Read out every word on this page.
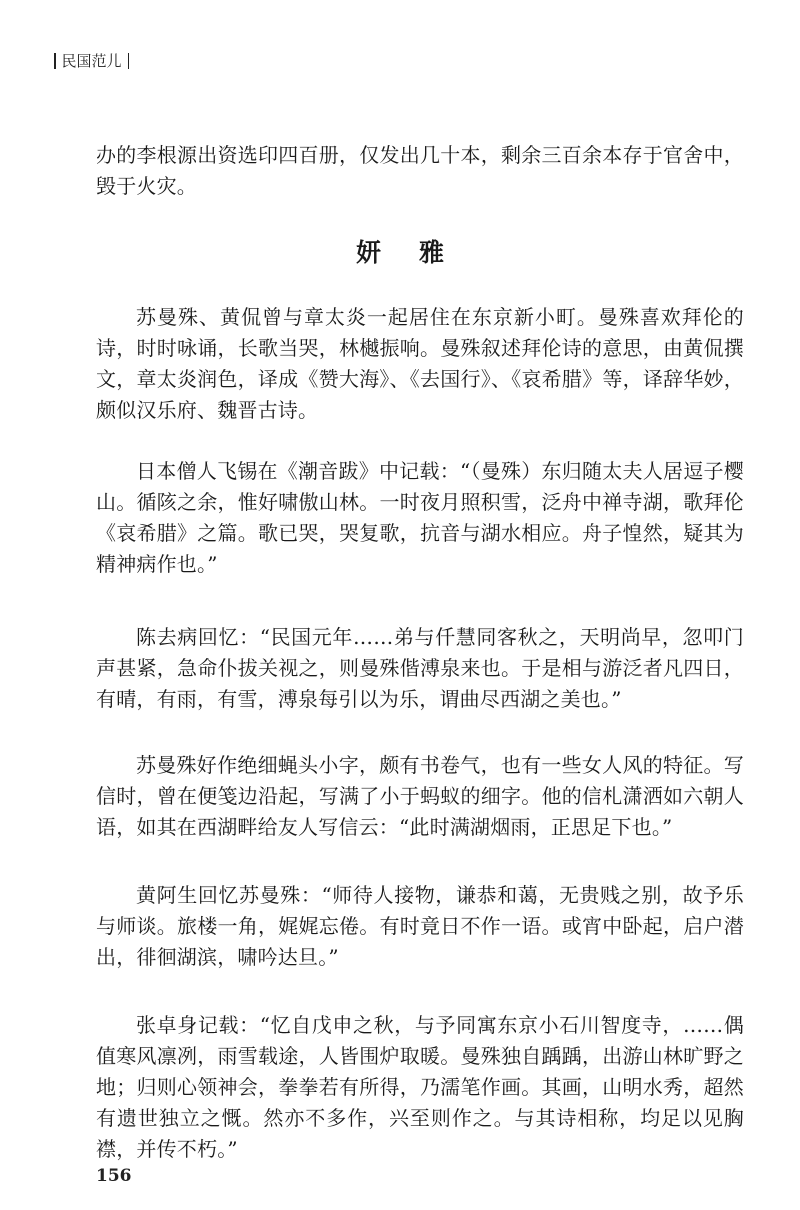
民国范儿

办的李根源出资选印四百册，仅发出几十本，剩余三百余本存于官舍中，毁于火灾。

妍雅

苏曼殊、黄侃曾与章太炎一起居住在东京新小町。曼殊喜欢拜伦的诗，时时咏诵，长歌当哭，林樾振响。曼殊叙述拜伦诗的意思，由黄侃撰文，章太炎润色，译成《赞大海》、《去国行》、《哀希腊》等，译辞华妙，颇似汉乐府、魏晋古诗。

日本僧人飞锡在《潮音跋》中记载：“（曼殊）东归随太夫人居逗子樱山。循陔之余，惟好啸傲山林。一时夜月照积雪，泛舟中禅寺湖，歌拜伦《哀希腊》之篇。歌已哭，哭复歌，抗音与湖水相应。舟子惶然，疑其为精神病作也。”

陈去病回忆：“民国元年……弟与仟慧同客秋之，天明尚早，忽叩门声甚紧，急命仆拔关视之，则曼殊偕溥泉来也。于是相与游泛者凡四日，有晴，有雨，有雪，溥泉每引以为乐，谓曲尽西湖之美也。”

苏曼殊好作绝细蝇头小字，颇有书卷气，也有一些女人风的特征。写信时，曾在便笺边沿起，写满了小于蚂蚁的细字。他的信札潇洒如六朝人语，如其在西湖畔给友人写信云：“此时满湖烟雨，正思足下也。”

黄阿生回忆苏曼殊：“师待人接物，谦恭和蔼，无贵贱之别，故予乐与师谈。旅楼一角，娓娓忘倦。有时竟日不作一语。或宵中卧起，启户潜出，徘徊湖滨，啸吟达旦。”

张卓身记载：“忆自戊申之秋，与予同寓东京小石川智度寺，……偶值寒风凛冽，雨雪载途，人皆围炉取暖。曼殊独自踽踽，出游山林旷野之地；归则心领神会，拳拳若有所得，乃濡笔作画。其画，山明水秀，超然有遗世独立之慨。然亦不多作，兴至则作之。与其诗相称，均足以见胸襟，并传不朽。”

156
